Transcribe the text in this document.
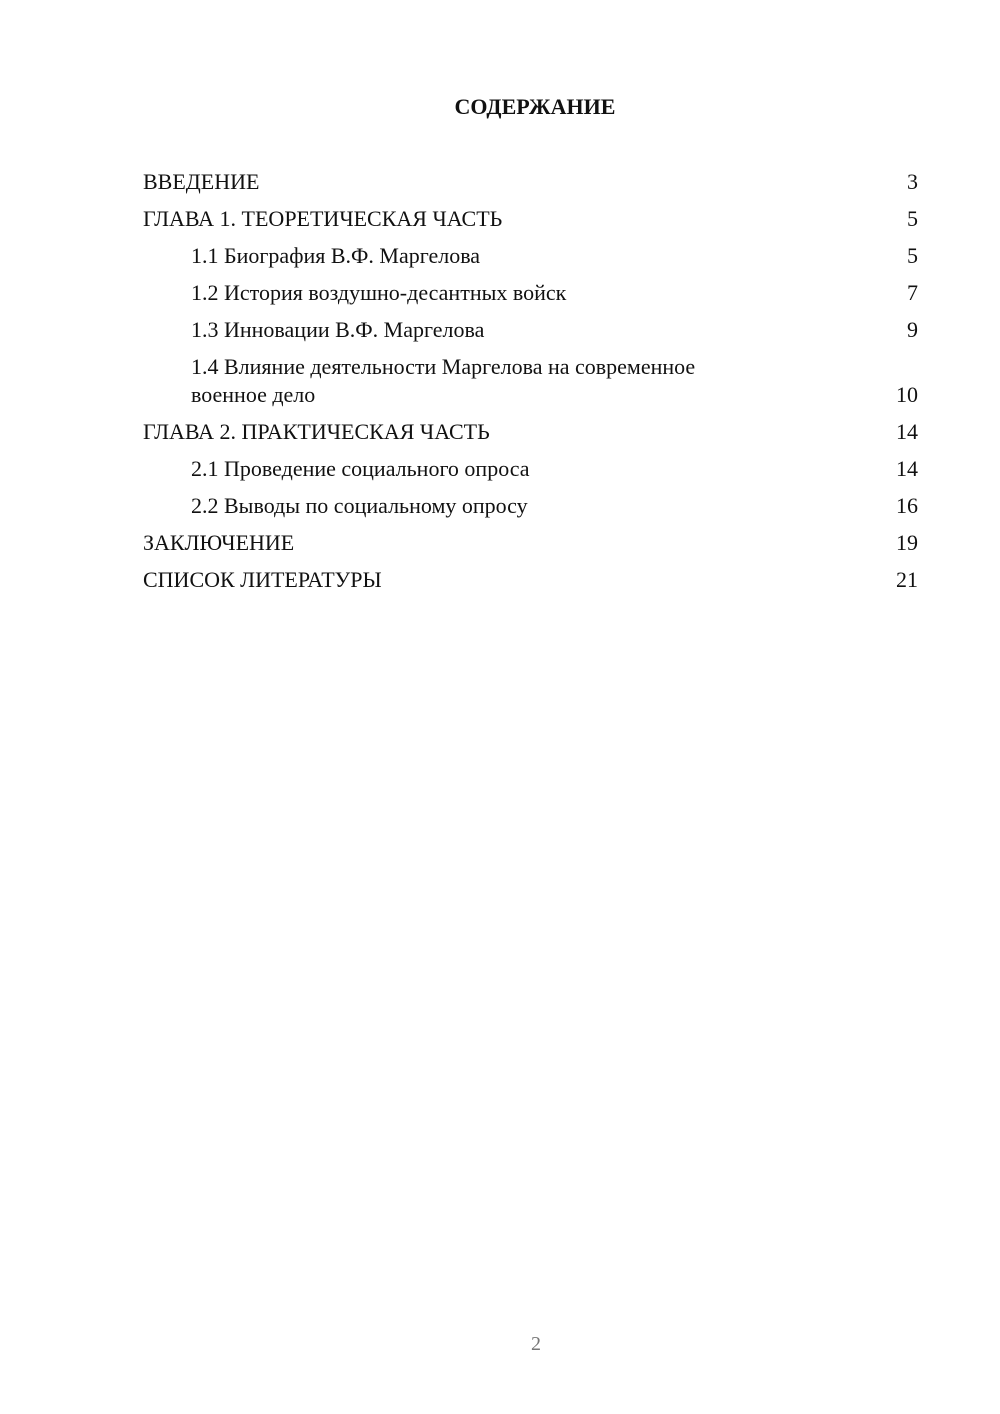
СОДЕРЖАНИЕ
ВВЕДЕНИЕ	3
ГЛАВА 1. ТЕОРЕТИЧЕСКАЯ ЧАСТЬ	5
1.1 Биография В.Ф. Маргелова	5
1.2 История воздушно-десантных войск	7
1.3 Инновации В.Ф. Маргелова	9
1.4 Влияние деятельности Маргелова на современное военное дело	10
ГЛАВА 2. ПРАКТИЧЕСКАЯ ЧАСТЬ	14
2.1 Проведение социального опроса	14
2.2 Выводы по социальному опросу	16
ЗАКЛЮЧЕНИЕ	19
СПИСОК ЛИТЕРАТУРЫ	21
2
